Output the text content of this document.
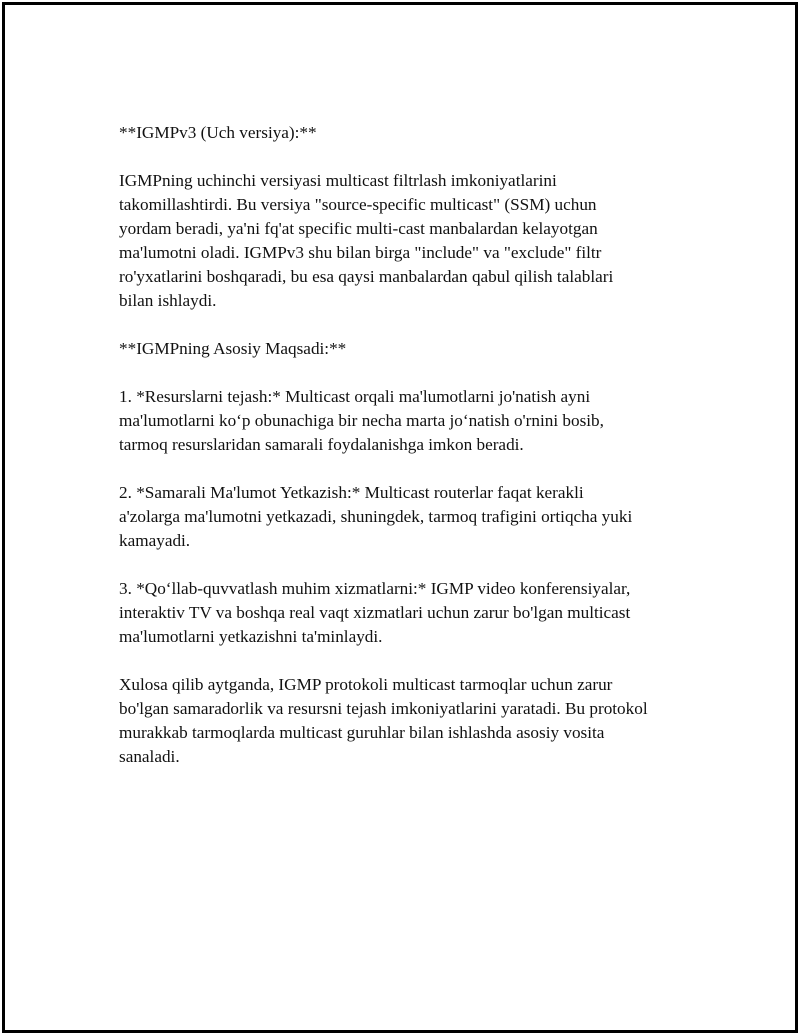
**IGMPv3 (Uch versiya):**

IGMPning uchinchi versiyasi multicast filtrlash imkoniyatlarini
takomillashtirdi. Bu versiya "source-specific multicast" (SSM) uchun
yordam beradi, ya'ni fq'at specific multi-cast manbalardan kelayotgan
ma'lumotni oladi. IGMPv3 shu bilan birga "include" va "exclude" filtr
ro'yxatlarini boshqaradi, bu esa qaysi manbalardan qabul qilish talablari
bilan ishlaydi.

**IGMPning Asosiy Maqsadi:**

1. *Resurslarni tejash:* Multicast orqali ma'lumotlarni jo'natish ayni
ma'lumotlarni ko‘p obunachiga bir necha marta jo‘natish o'rnini bosib,
tarmoq resurslaridan samarali foydalanishga imkon beradi.

2. *Samarali Ma'lumot Yetkazish:* Multicast routerlar faqat kerakli
a'zolarga ma'lumotni yetkazadi, shuningdek, tarmoq trafigini ortiqcha yuki
kamayadi.

3. *Qo‘llab-quvvatlash muhim xizmatlarni:* IGMP video konferensiyalar,
interaktiv TV va boshqa real vaqt xizmatlari uchun zarur bo'lgan multicast
ma'lumotlarni yetkazishni ta'minlaydi.

Xulosa qilib aytganda, IGMP protokoli multicast tarmoqlar uchun zarur
bo'lgan samaradorlik va resursni tejash imkoniyatlarini yaratadi. Bu protokol
murakkab tarmoqlarda multicast guruhlar bilan ishlashda asosiy vosita
sanaladi.
